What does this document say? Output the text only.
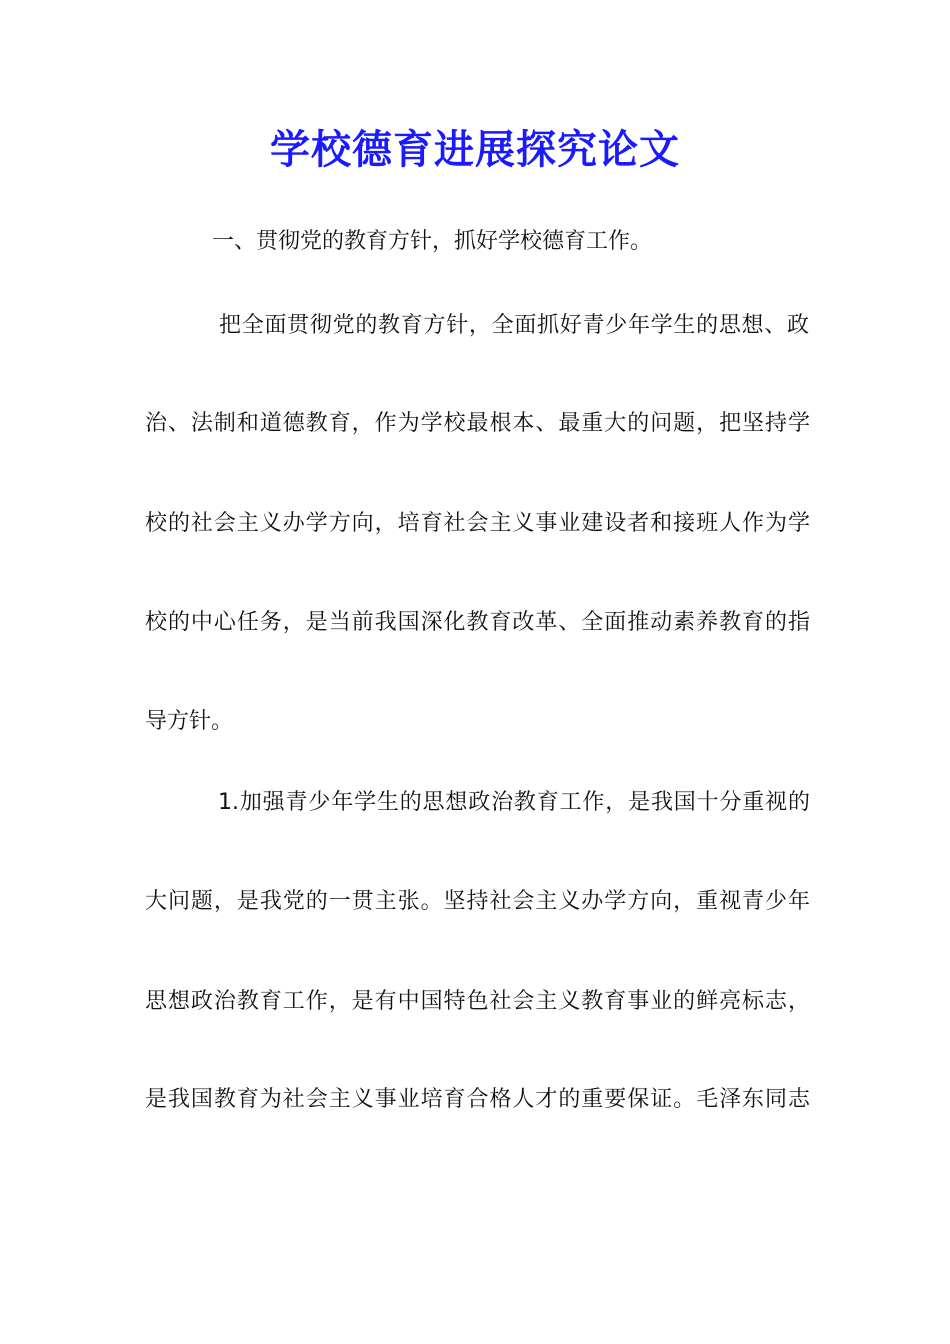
学校德育进展探究论文

一、贯彻党的教育方针，抓好学校德育工作。

把全面贯彻党的教育方针，全面抓好青少年学生的思想、政

治、法制和道德教育，作为学校最根本、最重大的问题，把坚持学

校的社会主义办学方向，培育社会主义事业建设者和接班人作为学

校的中心任务，是当前我国深化教育改革、全面推动素养教育的指

导方针。

1.加强青少年学生的思想政治教育工作，是我国十分重视的

大问题，是我党的一贯主张。坚持社会主义办学方向，重视青少年

思想政治教育工作，是有中国特色社会主义教育事业的鲜亮标志，

是我国教育为社会主义事业培育合格人才的重要保证。毛泽东同志
